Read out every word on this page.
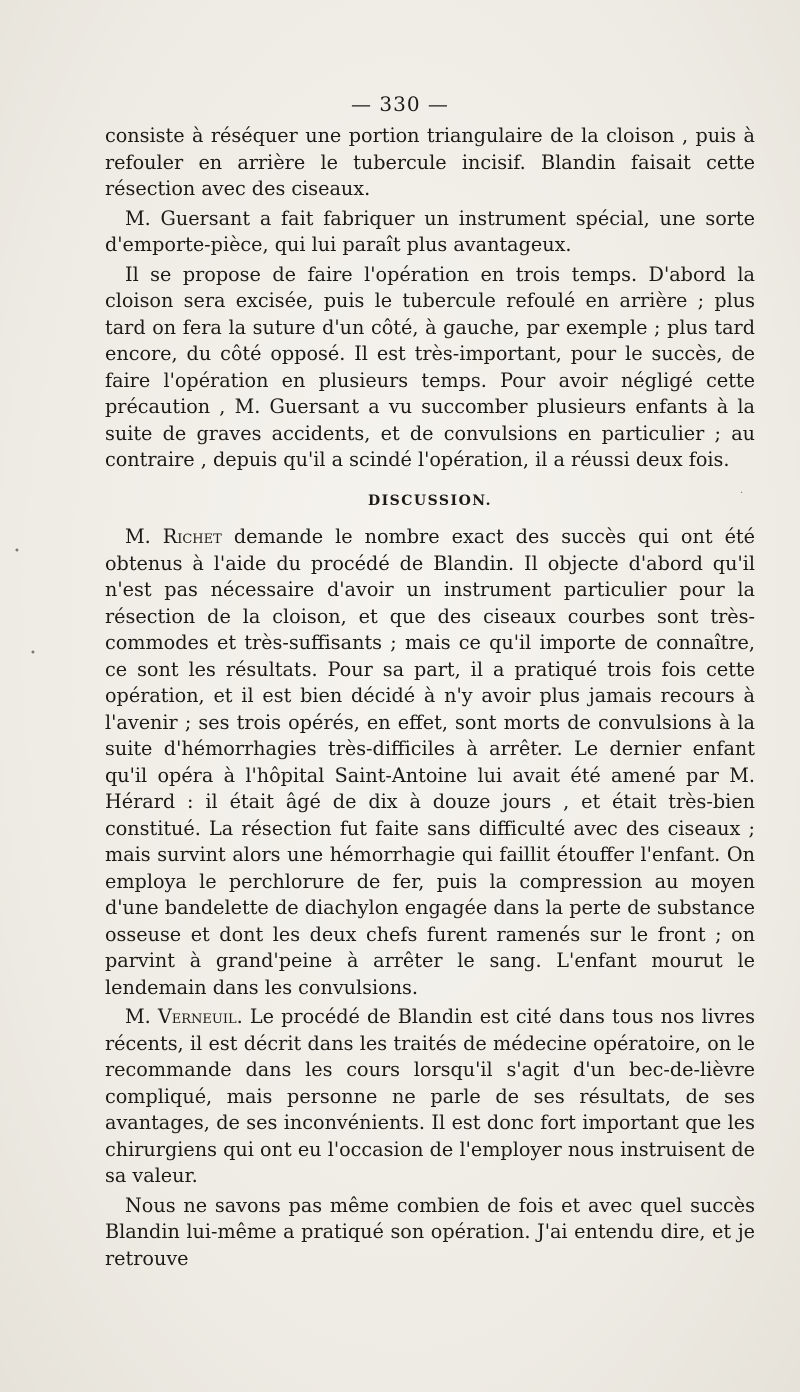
— 330 —

consiste à réséquer une portion triangulaire de la cloison , puis à refouler en arrière le tubercule incisif. Blandin faisait cette résection avec des ciseaux.

M. Guersant a fait fabriquer un instrument spécial, une sorte d'emporte-pièce, qui lui paraît plus avantageux.

Il se propose de faire l'opération en trois temps. D'abord la cloison sera excisée, puis le tubercule refoulé en arrière ; plus tard on fera la suture d'un côté, à gauche, par exemple ; plus tard encore, du côté opposé. Il est très-important, pour le succès, de faire l'opération en plusieurs temps. Pour avoir négligé cette précaution , M. Guersant a vu succomber plusieurs enfants à la suite de graves accidents, et de convulsions en particulier ; au contraire , depuis qu'il a scindé l'opération, il a réussi deux fois.

DISCUSSION.

M. Richet demande le nombre exact des succès qui ont été obtenus à l'aide du procédé de Blandin. Il objecte d'abord qu'il n'est pas nécessaire d'avoir un instrument particulier pour la résection de la cloison, et que des ciseaux courbes sont très-commodes et très-suffisants ; mais ce qu'il importe de connaître, ce sont les résultats. Pour sa part, il a pratiqué trois fois cette opération, et il est bien décidé à n'y avoir plus jamais recours à l'avenir ; ses trois opérés, en effet, sont morts de convulsions à la suite d'hémorrhagies très-difficiles à arrêter. Le dernier enfant qu'il opéra à l'hôpital Saint-Antoine lui avait été amené par M. Hérard : il était âgé de dix à douze jours , et était très-bien constitué. La résection fut faite sans difficulté avec des ciseaux ; mais survint alors une hémorrhagie qui faillit étouffer l'enfant. On employa le perchlorure de fer, puis la compression au moyen d'une bandelette de diachylon engagée dans la perte de substance osseuse et dont les deux chefs furent ramenés sur le front ; on parvint à grand'peine à arrêter le sang. L'enfant mourut le lendemain dans les convulsions.

M. Verneuil. Le procédé de Blandin est cité dans tous nos livres récents, il est décrit dans les traités de médecine opératoire, on le recommande dans les cours lorsqu'il s'agit d'un bec-de-lièvre compliqué, mais personne ne parle de ses résultats, de ses avantages, de ses inconvénients. Il est donc fort important que les chirurgiens qui ont eu l'occasion de l'employer nous instruisent de sa valeur.

Nous ne savons pas même combien de fois et avec quel succès Blandin lui-même a pratiqué son opération. J'ai entendu dire, et je retrouve

•
•
·
